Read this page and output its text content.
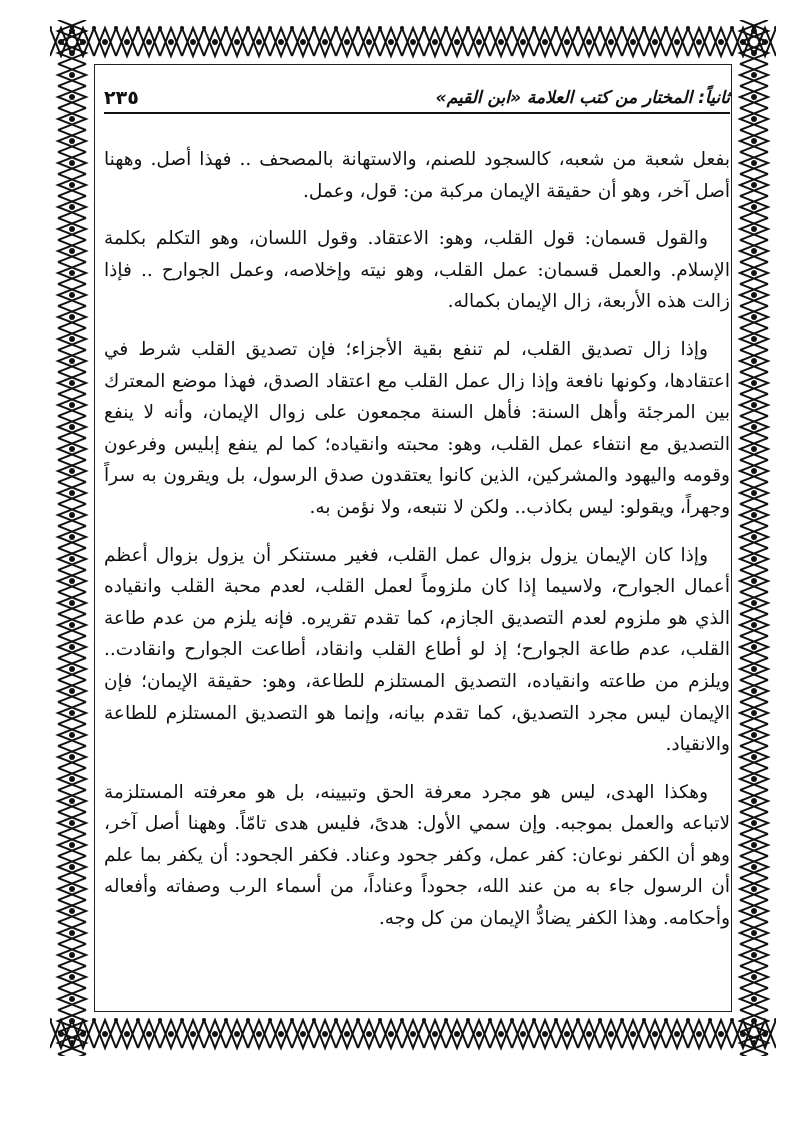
ثانياً: المختار من كتب العلامة «ابن القيم»
٢٣٥

بفعل شعبة من شعبه، كالسجود للصنم، والاستهانة بالمصحف .. فهذا أصل. وههنا أصل آخر، وهو أن حقيقة الإيمان مركبة من: قول، وعمل.

والقول قسمان: قول القلب، وهو: الاعتقاد. وقول اللسان، وهو التكلم بكلمة الإسلام. والعمل قسمان: عمل القلب، وهو نيته وإخلاصه، وعمل الجوارح .. فإذا زالت هذه الأربعة، زال الإيمان بكماله.

وإذا زال تصديق القلب، لم تنفع بقية الأجزاء؛ فإن تصديق القلب شرط في اعتقادها، وكونها نافعة وإذا زال عمل القلب مع اعتقاد الصدق، فهذا موضع المعترك بين المرجئة وأهل السنة: فأهل السنة مجمعون على زوال الإيمان، وأنه لا ينفع التصديق مع انتفاء عمل القلب، وهو: محبته وانقياده؛ كما لم ينفع إبليس وفرعون وقومه واليهود والمشركين، الذين كانوا يعتقدون صدق الرسول، بل ويقرون به سراً وجهراً، ويقولو: ليس بكاذب.. ولكن لا نتبعه، ولا نؤمن به.

وإذا كان الإيمان يزول بزوال عمل القلب، فغير مستنكر أن يزول بزوال أعظم أعمال الجوارح، ولاسيما إذا كان ملزوماً لعمل القلب، لعدم محبة القلب وانقياده الذي هو ملزوم لعدم التصديق الجازم، كما تقدم تقريره. فإنه يلزم من عدم طاعة القلب، عدم طاعة الجوارح؛ إذ لو أطاع القلب وانقاد، أطاعت الجوارح وانقادت.. ويلزم من طاعته وانقياده، التصديق المستلزم للطاعة، وهو: حقيقة الإيمان؛ فإن الإيمان ليس مجرد التصديق، كما تقدم بيانه، وإنما هو التصديق المستلزم للطاعة والانقياد.

وهكذا الهدى، ليس هو مجرد معرفة الحق وتبيينه، بل هو معرفته المستلزمة لاتباعه والعمل بموجبه. وإن سمي الأول: هدىً، فليس هدى تامّاً. وههنا أصل آخر، وهو أن الكفر نوعان: كفر عمل، وكفر جحود وعناد. فكفر الجحود: أن يكفر بما علم أن الرسول جاء به من عند الله، جحوداً وعناداً، من أسماء الرب وصفاته وأفعاله وأحكامه. وهذا الكفر يضادُّ الإيمان من كل وجه.
